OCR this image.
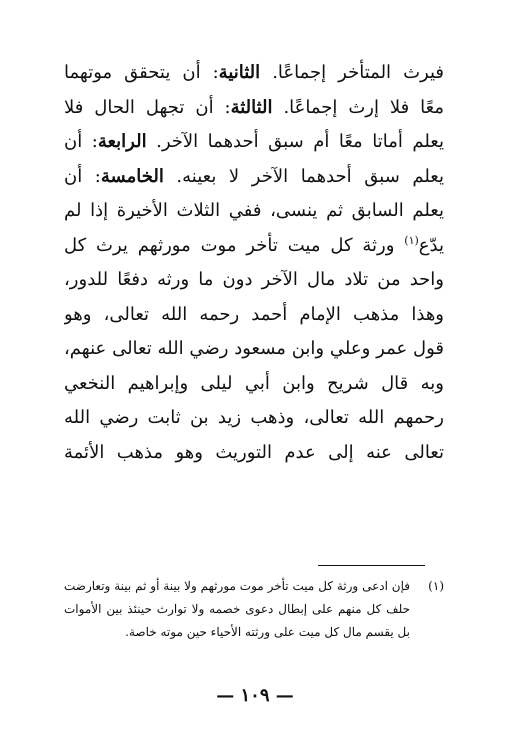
فيرث المتأخر إجماعًا. الثانية: أن يتحقق موتهما
معًا فلا إرث إجماعًا. الثالثة: أن تجهل الحال فلا
يعلم أماتا معًا أم سبق أحدهما الآخر. الرابعة: أن
يعلم سبق أحدهما الآخر لا بعينه. الخامسة: أن
يعلم السابق ثم ينسى، ففي الثلاث الأخيرة إذا لم
يدّع$^{(١)}$ ورثة كل ميت تأخر موت مورثهم يرث كل
واحد من تلاد مال الآخر دون ما ورثه دفعًا للدور،
وهذا مذهب الإمام أحمد رحمه الله تعالى، وهو
قول عمر وعلي وابن مسعود رضي الله تعالى عنهم،
وبه قال شريح وابن أبي ليلى وإبراهيم النخعي
رحمهم الله تعالى، وذهب زيد بن ثابت رضي الله
تعالى عنه إلى عدم التوريث وهو مذهب الأئمة
(١)فإن ادعى ورثة كل ميت تأخر موت مورثهم ولا بينة أو ثم بينة وتعارضت
حلف كل منهم على إبطال دعوى خصمه ولا توارث حينئذ بين الأموات
بل يقسم مال كل ميت على ورثته الأحياء حين موته خاصة.
— ١٠٩ —
